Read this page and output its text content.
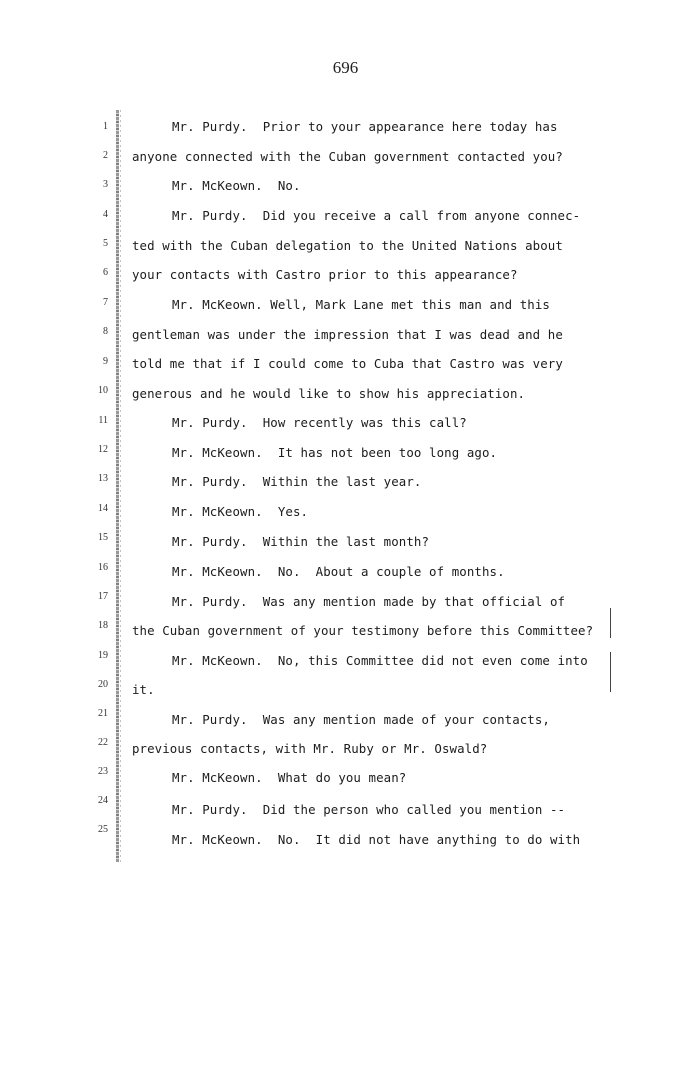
696

1	Mr. Purdy.  Prior to your appearance here today has

2 anyone connected with the Cuban government contacted you?

3	Mr. McKeown.  No.

4	Mr. Purdy.  Did you receive a call from anyone connec-

5 ted with the Cuban delegation to the United Nations about

6 your contacts with Castro prior to this appearance?

7	Mr. McKeown. Well, Mark Lane met this man and this

8 gentleman was under the impression that I was dead and he

9 told me that if I could come to Cuba that Castro was very

10 generous and he would like to show his appreciation.

11	Mr. Purdy.  How recently was this call?

12	Mr. McKeown.  It has not been too long ago.

13	Mr. Purdy.  Within the last year.

14	Mr. McKeown.  Yes.

15	Mr. Purdy.  Within the last month?

16	Mr. McKeown.  No.  About a couple of months.

17	Mr. Purdy.  Was any mention made by that official of

18 the Cuban government of your testimony before this Committee?

19	Mr. McKeown.  No, this Committee did not even come into

20 it.

21	Mr. Purdy.  Was any mention made of your contacts,

22 previous contacts, with Mr. Ruby or Mr. Oswald?

23	Mr. McKeown.  What do you mean?

24

Mr. Purdy.  Did the person who called you mention --

25

Mr. McKeown.  No.  It did not have anything to do with
